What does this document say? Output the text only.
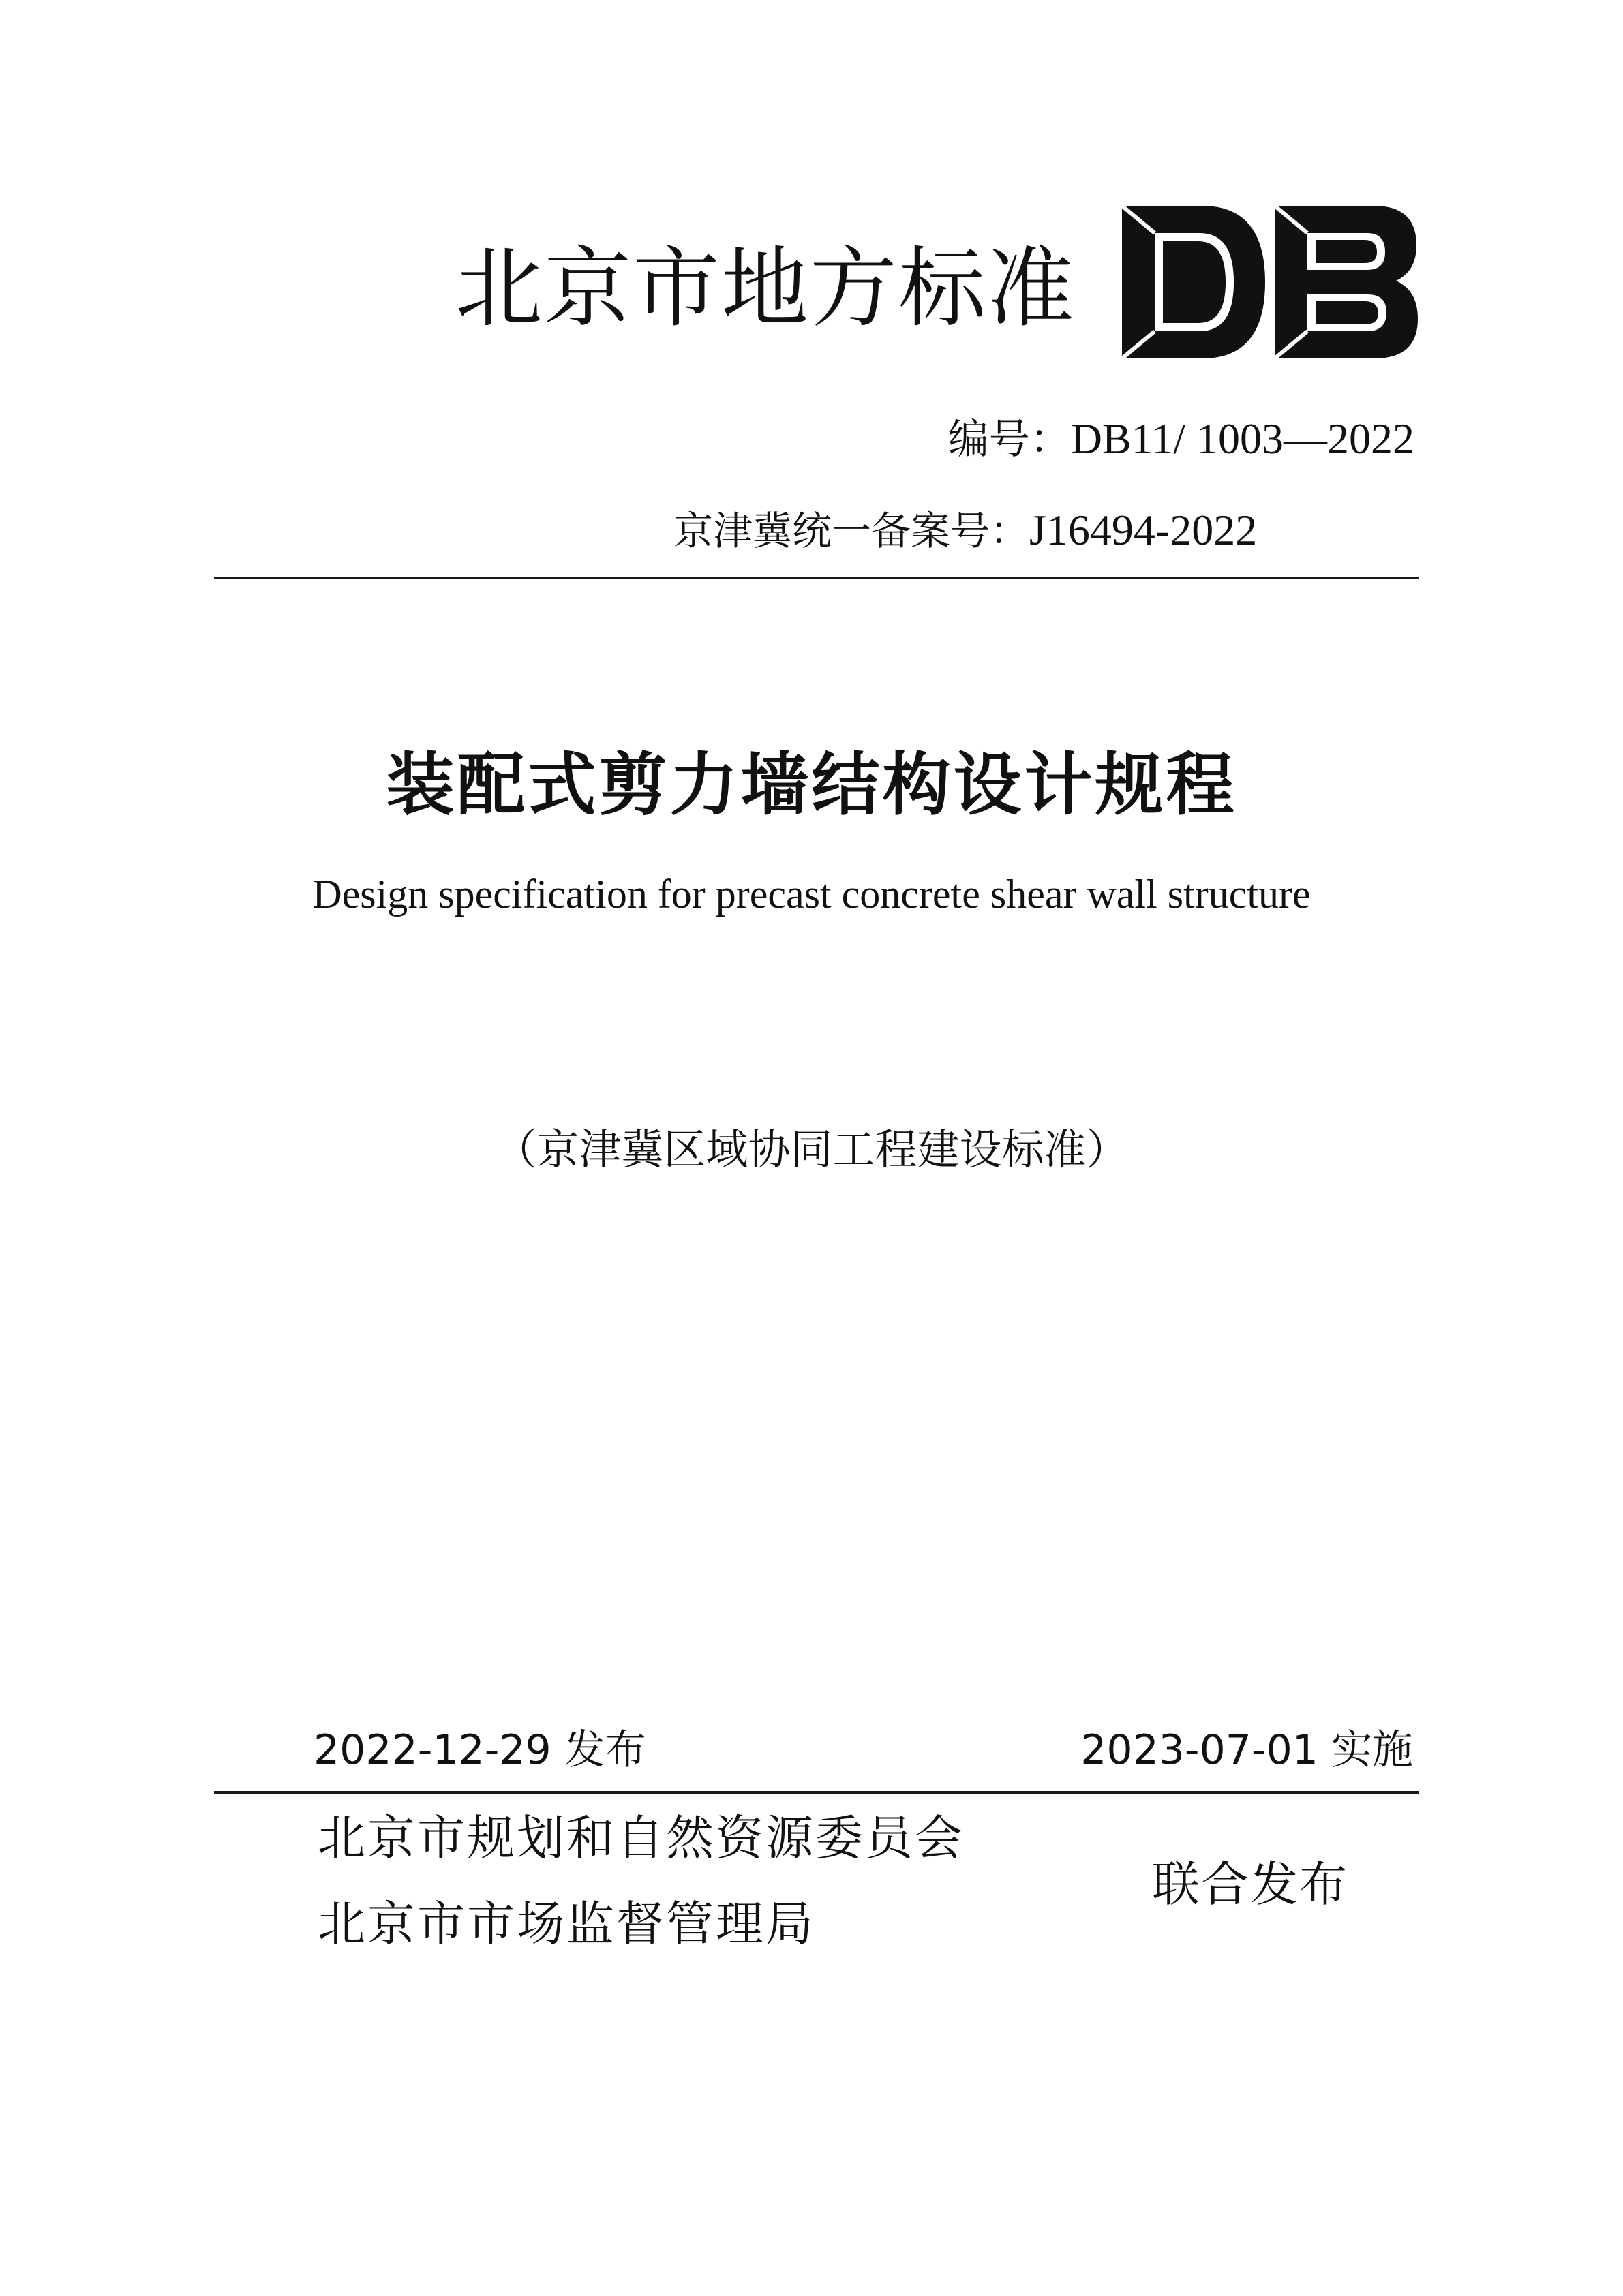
北京市地方标准
编号：DB11/ 1003—2022
京津冀统一备案号：J16494-2022
装配式剪力墙结构设计规程
Design specification for precast concrete shear wall structure
（京津冀区域协同工程建设标准）
2022-12-29 发布	2023-07-01 实施
北京市规划和自然资源委员会
北京市市场监督管理局
联合发布
